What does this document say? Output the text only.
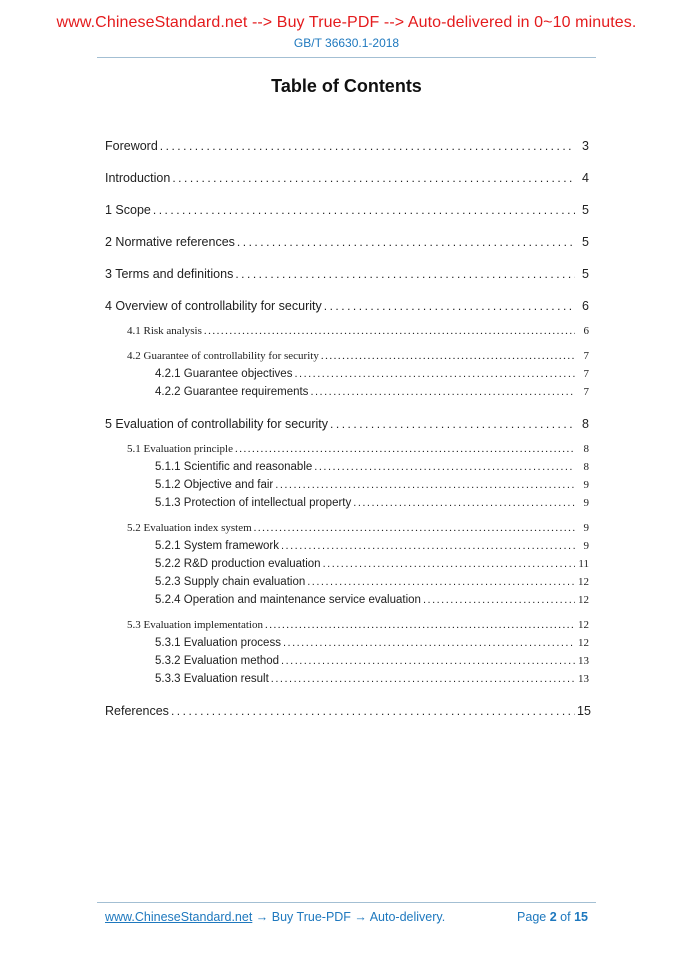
www.ChineseStandard.net --> Buy True-PDF --> Auto-delivered in 0~10 minutes.
GB/T 36630.1-2018
Table of Contents
Foreword .....	3
Introduction .....	4
1 Scope .....	5
2 Normative references .....	5
3 Terms and definitions .....	5
4 Overview of controllability for security .....	6
4.1 Risk analysis .....	6
4.2 Guarantee of controllability for security .....	7
4.2.1 Guarantee objectives .....	7
4.2.2 Guarantee requirements .....	7
5 Evaluation of controllability for security .....	8
5.1 Evaluation principle .....	8
5.1.1 Scientific and reasonable .....	8
5.1.2 Objective and fair .....	9
5.1.3 Protection of intellectual property .....	9
5.2 Evaluation index system .....	9
5.2.1 System framework .....	9
5.2.2 R&D production evaluation .....	11
5.2.3 Supply chain evaluation .....	12
5.2.4 Operation and maintenance service evaluation .....	12
5.3 Evaluation implementation .....	12
5.3.1 Evaluation process .....	12
5.3.2 Evaluation method .....	13
5.3.3 Evaluation result .....	13
References .....	15
www.ChineseStandard.net → Buy True-PDF → Auto-delivery.	Page 2 of 15
